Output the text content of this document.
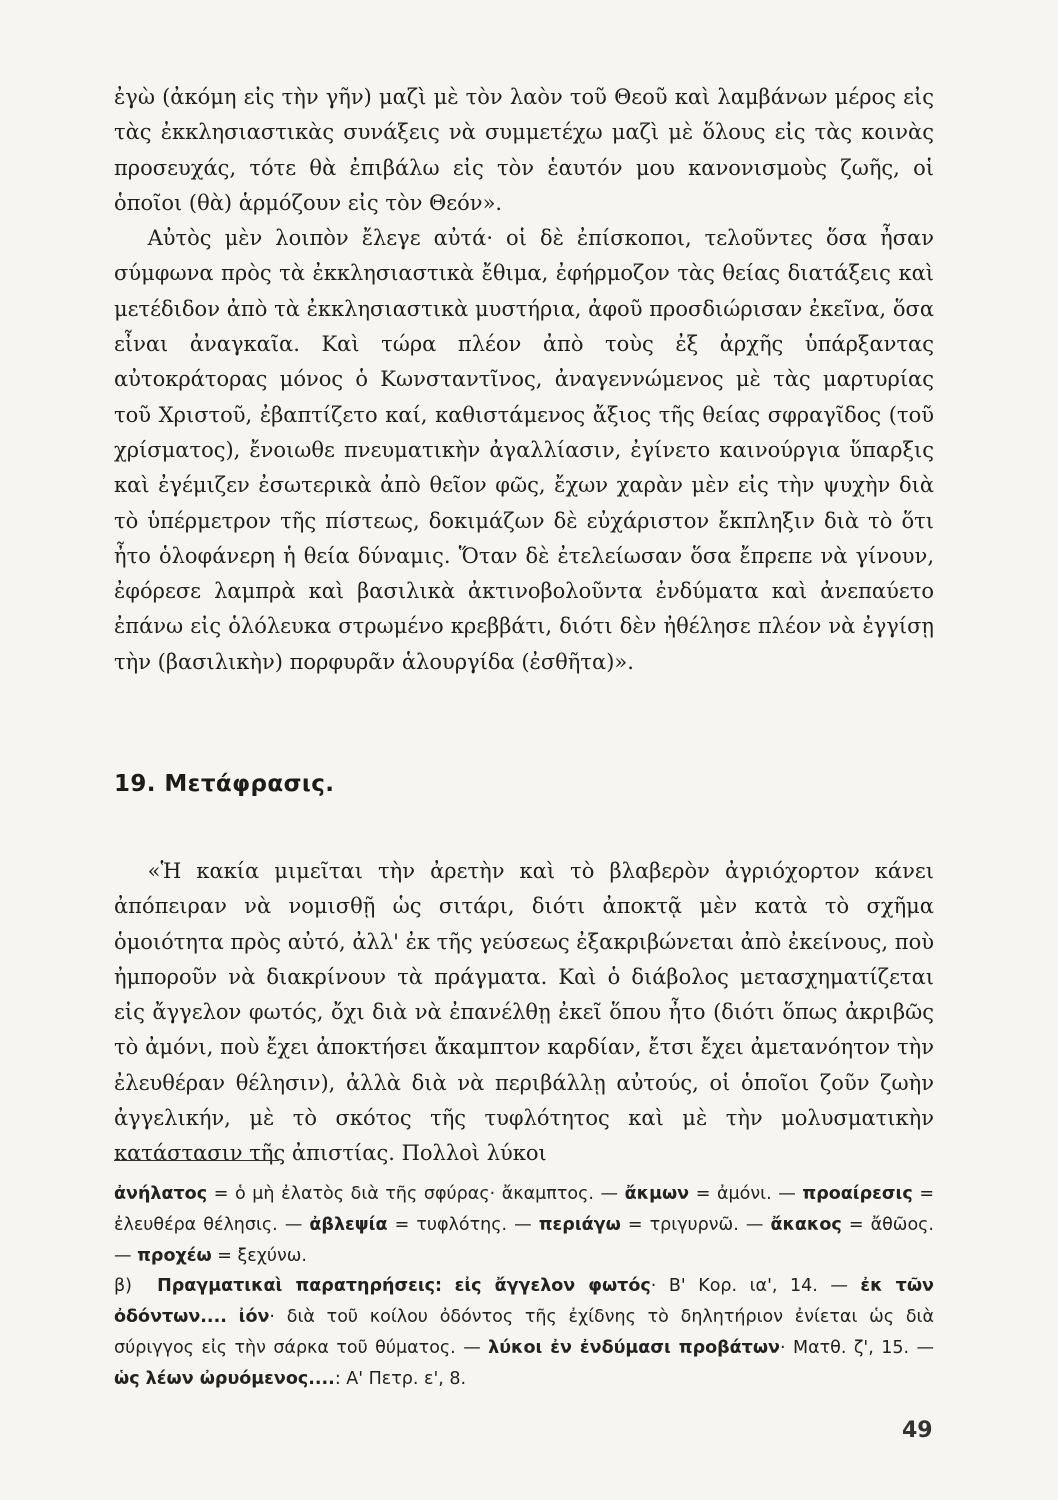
ἐγὼ (ἀκόμη εἰς τὴν γῆν) μαζὶ μὲ τὸν λαὸν τοῦ Θεοῦ καὶ λαμβάνων μέρος εἰς τὰς ἐκκλησιαστικὰς συνάξεις νὰ συμμετέχω μαζὶ μὲ ὅλους εἰς τὰς κοινὰς προσευχάς, τότε θὰ ἐπιβάλω εἰς τὸν ἑαυτόν μου κανονισμοὺς ζωῆς, οἱ ὁποῖοι (θὰ) ἁρμόζουν εἰς τὸν Θεόν».

Αὐτὸς μὲν λοιπὸν ἔλεγε αὐτά· οἱ δὲ ἐπίσκοποι, τελοῦντες ὅσα ἦσαν σύμφωνα πρὸς τὰ ἐκκλησιαστικὰ ἔθιμα, ἐφήρμοζον τὰς θείας διατάξεις καὶ μετέδιδον ἀπὸ τὰ ἐκκλησιαστικὰ μυστήρια, ἀφοῦ προσδιώρισαν ἐκεῖνα, ὅσα εἶναι ἀναγκαῖα. Καὶ τώρα πλέον ἀπὸ τοὺς ἐξ ἀρχῆς ὑπάρξαντας αὐτοκράτορας μόνος ὁ Κωνσταντῖνος, ἀναγεννώμενος μὲ τὰς μαρτυρίας τοῦ Χριστοῦ, ἐβαπτίζετο καί, καθιστάμενος ἄξιος τῆς θείας σφραγῖδος (τοῦ χρίσματος), ἔνοιωθε πνευματικὴν ἀγαλλίασιν, ἐγίνετο καινούργια ὕπαρξις καὶ ἐγέμιζεν ἐσωτερικὰ ἀπὸ θεῖον φῶς, ἔχων χαρὰν μὲν εἰς τὴν ψυχὴν διὰ τὸ ὑπέρμετρον τῆς πίστεως, δοκιμάζων δὲ εὐχάριστον ἔκπληξιν διὰ τὸ ὅτι ἦτο ὁλοφάνερη ἡ θεία δύναμις. Ὅταν δὲ ἐτελείωσαν ὅσα ἔπρεπε νὰ γίνουν, ἐφόρεσε λαμπρὰ καὶ βασιλικὰ ἀκτινοβολοῦντα ἐνδύματα καὶ ἀνεπαύετο ἐπάνω εἰς ὁλόλευκα στρωμένο κρεββάτι, διότι δὲν ἠθέλησε πλέον νὰ ἐγγίσῃ τὴν (βασιλικὴν) πορφυρᾶν ἁλουργίδα (ἐσθῆτα)».

19. Μετάφρασις.

«Ἡ κακία μιμεῖται τὴν ἀρετὴν καὶ τὸ βλαβερὸν ἀγριόχορτον κάνει ἀπόπειραν νὰ νομισθῇ ὡς σιτάρι, διότι ἀποκτᾷ μὲν κατὰ τὸ σχῆμα ὁμοιότητα πρὸς αὐτό, ἀλλ' ἐκ τῆς γεύσεως ἐξακριβώνεται ἀπὸ ἐκείνους, ποὺ ἠμποροῦν νὰ διακρίνουν τὰ πράγματα. Καὶ ὁ διάβολος μετασχηματίζεται εἰς ἄγγελον φωτός, ὄχι διὰ νὰ ἐπανέλθῃ ἐκεῖ ὅπου ἦτο (διότι ὅπως ἀκριβῶς τὸ ἀμόνι, ποὺ ἔχει ἀποκτήσει ἄκαμπτον καρδίαν, ἔτσι ἔχει ἀμετανόητον τὴν ἐλευθέραν θέλησιν), ἀλλὰ διὰ νὰ περιβάλλῃ αὐτούς, οἱ ὁποῖοι ζοῦν ζωὴν ἀγγελικήν, μὲ τὸ σκότος τῆς τυφλότητος καὶ μὲ τὴν μολυσματικὴν κατάστασιν τῆς ἀπιστίας. Πολλοὶ λύκοι

ἀνήλατος = ὁ μὴ ἐλατὸς διὰ τῆς σφύρας· ἄκαμπτος. — ἄκμων = ἀμόνι. — προαίρεσις = ἐλευθέρα θέλησις. — ἀβλεψία = τυφλότης. — περιάγω = τριγυρνῶ. — ἄκακος = ἄθῶος. — προχέω = ξεχύνω.
β) Πραγματικαὶ παρατηρήσεις: εἰς ἄγγελον φωτός· Β' Κορ. ια', 14. — ἐκ τῶν ὀδόντων.... ἰόν· διὰ τοῦ κοίλου ὀδόντος τῆς ἐχίδνης τὸ δηλητήριον ἐνίεται ὡς διὰ σύριγγος εἰς τὴν σάρκα τοῦ θύματος. — λύκοι ἐν ἐνδύμασι προβάτων· Ματθ. ζ', 15. — ὡς λέων ὠρυόμενος....: Α' Πετρ. ε', 8.
49
